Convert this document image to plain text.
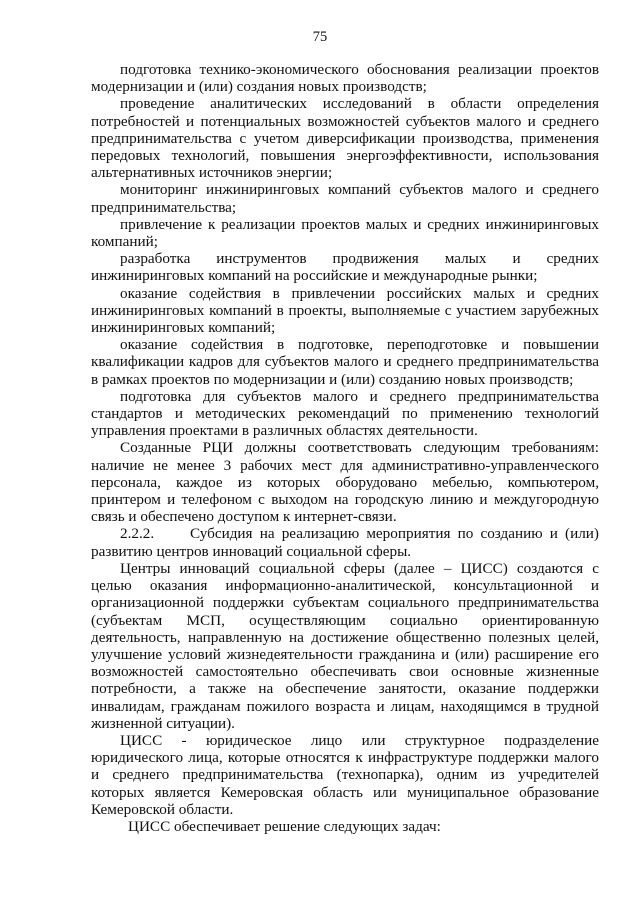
75

подготовка технико-экономического обоснования реализации проектов модернизации и (или) создания новых производств;

проведение аналитических исследований в области определения потребностей и потенциальных возможностей субъектов малого и среднего предпринимательства с учетом диверсификации производства, применения передовых технологий, повышения энергоэффективности, использования альтернативных источников энергии;

мониторинг инжиниринговых компаний субъектов малого и среднего предпринимательства;

привлечение к реализации проектов малых и средних инжиниринговых компаний;

разработка инструментов продвижения малых и средних инжиниринговых компаний на российские и международные рынки;

оказание содействия в привлечении российских малых и средних инжиниринговых компаний в проекты, выполняемые с участием зарубежных инжиниринговых компаний;

оказание содействия в подготовке, переподготовке и повышении квалификации кадров для субъектов малого и среднего предпринимательства в рамках проектов по модернизации и (или) созданию новых производств;

подготовка для субъектов малого и среднего предпринимательства стандартов и методических рекомендаций по применению технологий управления проектами в различных областях деятельности.

Созданные РЦИ должны соответствовать следующим требованиям: наличие не менее 3 рабочих мест для административно-управленческого персонала, каждое из которых оборудовано мебелью, компьютером, принтером и телефоном с выходом на городскую линию и междугородную связь и обеспечено доступом к интернет-связи.

2.2.2.     Субсидия на реализацию мероприятия по созданию и (или) развитию центров инноваций социальной сферы.

Центры инноваций социальной сферы (далее – ЦИСС) создаются с целью оказания информационно-аналитической, консультационной и организационной поддержки субъектам социального предпринимательства (субъектам МСП, осуществляющим социально ориентированную деятельность, направленную на достижение общественно полезных целей, улучшение условий жизнедеятельности гражданина и (или) расширение его возможностей самостоятельно обеспечивать свои основные жизненные потребности, а также на обеспечение занятости, оказание поддержки инвалидам, гражданам пожилого возраста и лицам, находящимся в трудной жизненной ситуации).

ЦИСС - юридическое лицо или структурное подразделение юридического лица, которые относятся к инфраструктуре поддержки малого и среднего предпринимательства (технопарка), одним из учредителей которых является Кемеровская область или муниципальное образование Кемеровской области.

ЦИСС обеспечивает решение следующих задач:
